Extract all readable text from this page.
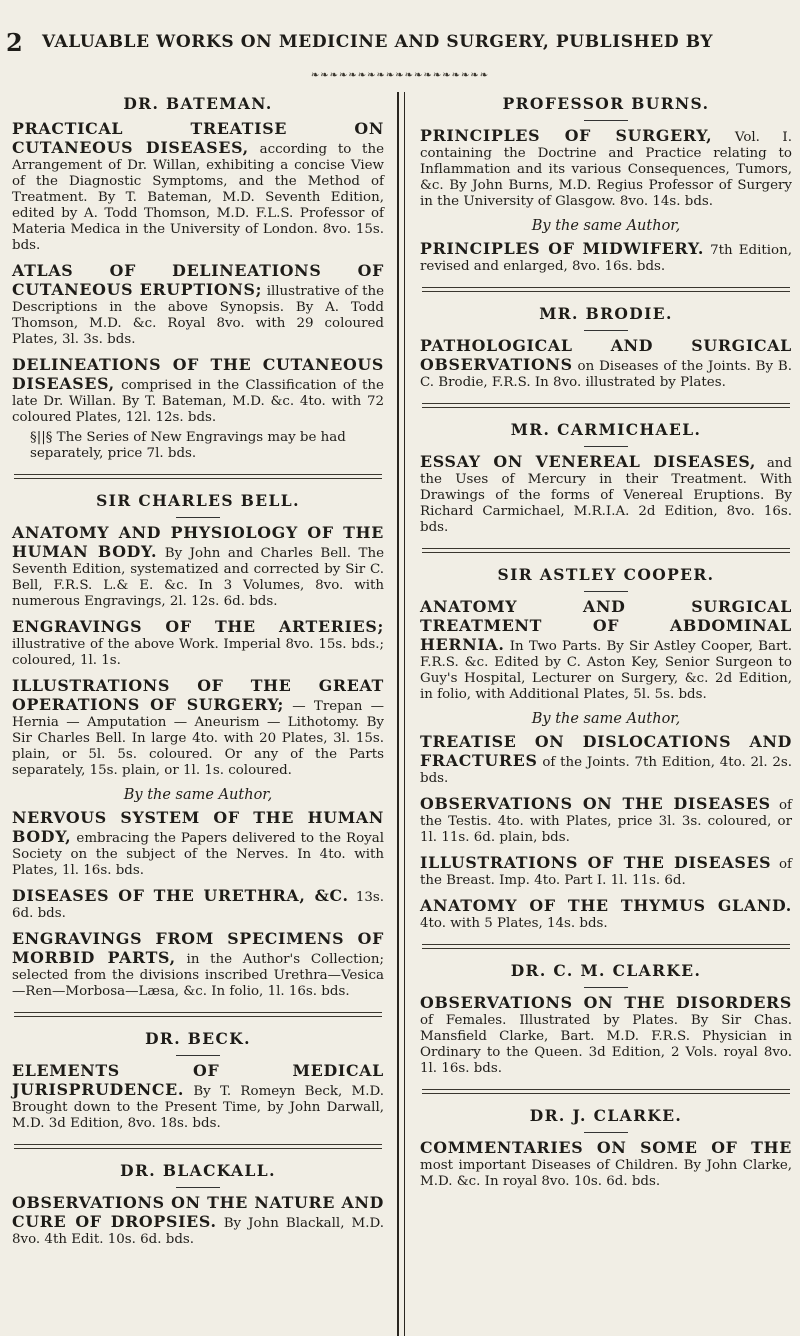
2 VALUABLE WORKS ON MEDICINE AND SURGERY, PUBLISHED BY
❧❧❧❧❧❧❧❧❧❧❧❧❧❧❧❧❧❧❧
DR. BATEMAN.
PRACTICAL TREATISE ON CUTANEOUS DISEASES, according to the Arrangement of Dr. Willan, exhibiting a concise View of the Diagnostic Symptoms, and the Method of Treatment. By T. Bateman, M.D. Seventh Edition, edited by A. Todd Thomson, M.D. F.L.S. Professor of Materia Medica in the University of London. 8vo. 15s. bds.
ATLAS OF DELINEATIONS OF CUTANEOUS ERUPTIONS; illustrative of the Descriptions in the above Synopsis. By A. Todd Thomson, M.D. &c. Royal 8vo. with 29 coloured Plates, 3l. 3s. bds.
DELINEATIONS OF THE CUTANEOUS DISEASES, comprised in the Classification of the late Dr. Willan. By T. Bateman, M.D. &c. 4to. with 72 coloured Plates, 12l. 12s. bds.
§||§ The Series of New Engravings may be had separately, price 7l. bds.
SIR CHARLES BELL.
ANATOMY AND PHYSIOLOGY OF THE HUMAN BODY. By John and Charles Bell. The Seventh Edition, systematized and corrected by Sir C. Bell, F.R.S. L.& E. &c. In 3 Volumes, 8vo. with numerous Engravings, 2l. 12s. 6d. bds.
ENGRAVINGS OF THE ARTERIES; illustrative of the above Work. Imperial 8vo. 15s. bds.; coloured, 1l. 1s.
ILLUSTRATIONS OF THE GREAT OPERATIONS OF SURGERY; — Trepan — Hernia — Amputation — Aneurism — Lithotomy. By Sir Charles Bell. In large 4to. with 20 Plates, 3l. 15s. plain, or 5l. 5s. coloured. Or any of the Parts separately, 15s. plain, or 1l. 1s. coloured.
By the same Author,
NERVOUS SYSTEM OF THE HUMAN BODY, embracing the Papers delivered to the Royal Society on the subject of the Nerves. In 4to. with Plates, 1l. 16s. bds.
DISEASES OF THE URETHRA, &C. 13s. 6d. bds.
ENGRAVINGS FROM SPECIMENS OF MORBID PARTS, in the Author's Collection; selected from the divisions inscribed Urethra—Vesica—Ren—Morbosa—Læsa, &c. In folio, 1l. 16s. bds.
DR. BECK.
ELEMENTS OF MEDICAL JURISPRUDENCE. By T. Romeyn Beck, M.D. Brought down to the Present Time, by John Darwall, M.D. 3d Edition, 8vo. 18s. bds.
DR. BLACKALL.
OBSERVATIONS ON THE NATURE AND CURE OF DROPSIES. By John Blackall, M.D. 8vo. 4th Edit. 10s. 6d. bds.
PROFESSOR BURNS.
PRINCIPLES OF SURGERY, Vol. I. containing the Doctrine and Practice relating to Inflammation and its various Consequences, Tumors, &c. By John Burns, M.D. Regius Professor of Surgery in the University of Glasgow. 8vo. 14s. bds.
By the same Author,
PRINCIPLES OF MIDWIFERY. 7th Edition, revised and enlarged, 8vo. 16s. bds.
MR. BRODIE.
PATHOLOGICAL AND SURGICAL OBSERVATIONS on Diseases of the Joints. By B. C. Brodie, F.R.S. In 8vo. illustrated by Plates.
MR. CARMICHAEL.
ESSAY ON VENEREAL DISEASES, and the Uses of Mercury in their Treatment. With Drawings of the forms of Venereal Eruptions. By Richard Carmichael, M.R.I.A. 2d Edition, 8vo. 16s. bds.
SIR ASTLEY COOPER.
ANATOMY AND SURGICAL TREATMENT OF ABDOMINAL HERNIA. In Two Parts. By Sir Astley Cooper, Bart. F.R.S. &c. Edited by C. Aston Key, Senior Surgeon to Guy's Hospital, Lecturer on Surgery, &c. 2d Edition, in folio, with Additional Plates, 5l. 5s. bds.
By the same Author,
TREATISE ON DISLOCATIONS AND FRACTURES of the Joints. 7th Edition, 4to. 2l. 2s. bds.
OBSERVATIONS ON THE DISEASES of the Testis. 4to. with Plates, price 3l. 3s. coloured, or 1l. 11s. 6d. plain, bds.
ILLUSTRATIONS OF THE DISEASES of the Breast. Imp. 4to. Part I. 1l. 11s. 6d.
ANATOMY OF THE THYMUS GLAND. 4to. with 5 Plates, 14s. bds.
DR. C. M. CLARKE.
OBSERVATIONS ON THE DISORDERS of Females. Illustrated by Plates. By Sir Chas. Mansfield Clarke, Bart. M.D. F.R.S. Physician in Ordinary to the Queen. 3d Edition, 2 Vols. royal 8vo. 1l. 16s. bds.
DR. J. CLARKE.
COMMENTARIES ON SOME OF THE most important Diseases of Children. By John Clarke, M.D. &c. In royal 8vo. 10s. 6d. bds.
